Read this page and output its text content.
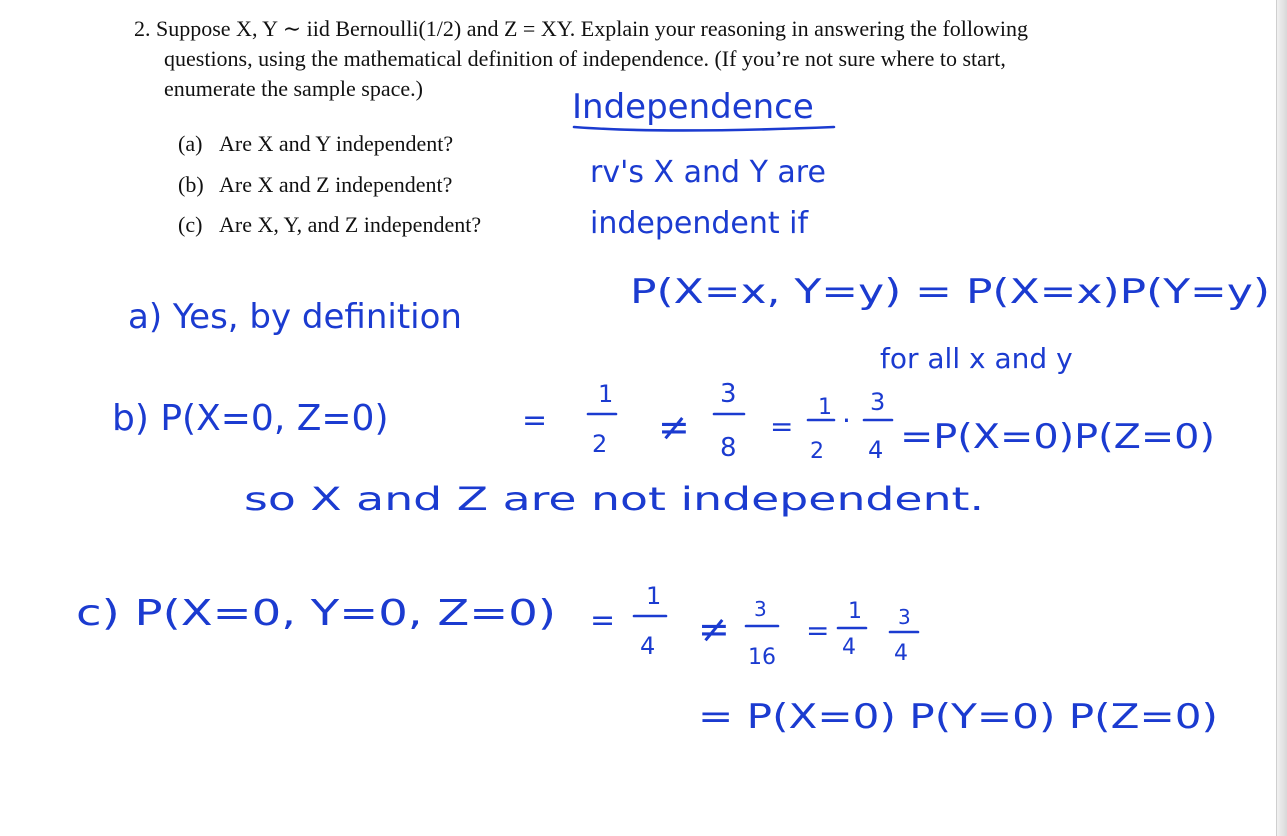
2. Suppose X, Y ∼ iid Bernoulli(1/2) and Z = XY. Explain your reasoning in answering the following
questions, using the mathematical definition of independence. (If you’re not sure where to start,
enumerate the sample space.)
(a) Are X and Y independent?
(b) Are X and Z independent?
(c) Are X, Y, and Z independent?
Independence
rv's X and Y are
independent if
P(X=x, Y=y) = P(X=x)P(Y=y)
for all x and y
a) Yes, by definition
b) P(X=0, Z=0)	=
1
2 ≠
3
8
=
1
2
·
3
4 =P(X=0)P(Z=0)
so X and Z are not independent.
c) P(X=0, Y=0, Z=0) =
1
4 ≠ 3
16
=
1
4
3
4
= P(X=0) P(Y=0) P(Z=0)
